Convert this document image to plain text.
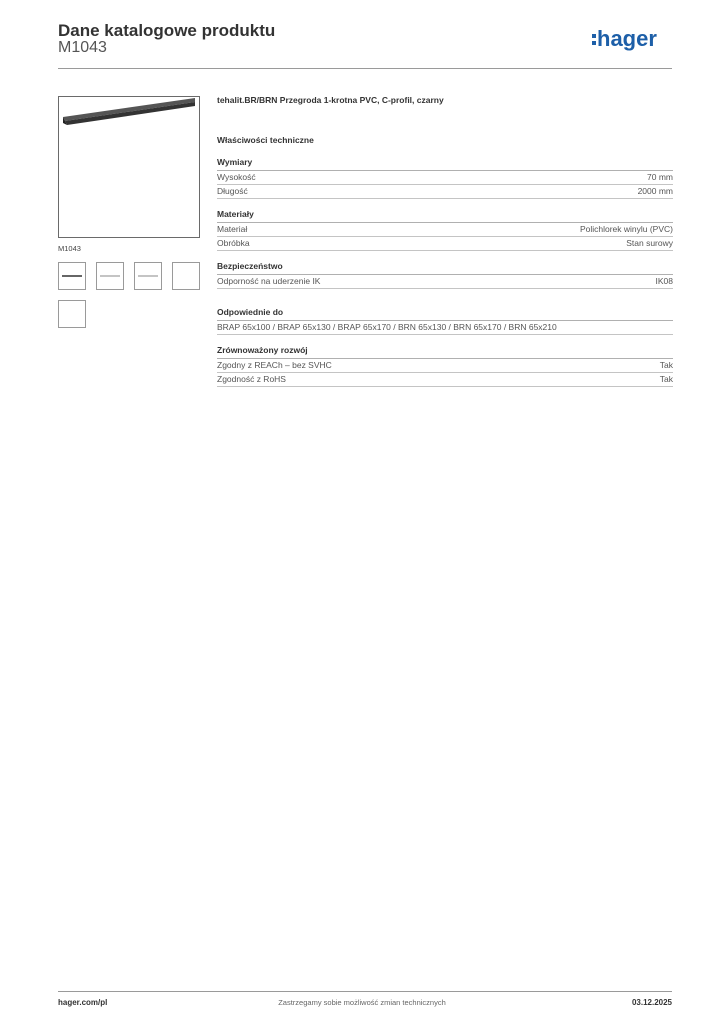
Dane katalogowe produktu
M1043	hager
M1043
tehalit.BR/BRN Przegroda 1-krotna PVC, C-profil, czarny
Właściwości techniczne
Wymiary
Wysokość	70 mm
Długość	2000 mm
Materiały
Materiał	Polichlorek winylu (PVC)
Obróbka	Stan surowy
Bezpieczeństwo
Odporność na uderzenie IK	IK08
Odpowiednie do
BRAP 65x100 / BRAP 65x130 / BRAP 65x170 / BRN 65x130 / BRN 65x170 / BRN 65x210
Zrównoważony rozwój
Zgodny z REACh – bez SVHC	Tak
Zgodność z RoHS	Tak
hager.com/pl	Zastrzegamy sobie możliwość zmian technicznych	03.12.2025
